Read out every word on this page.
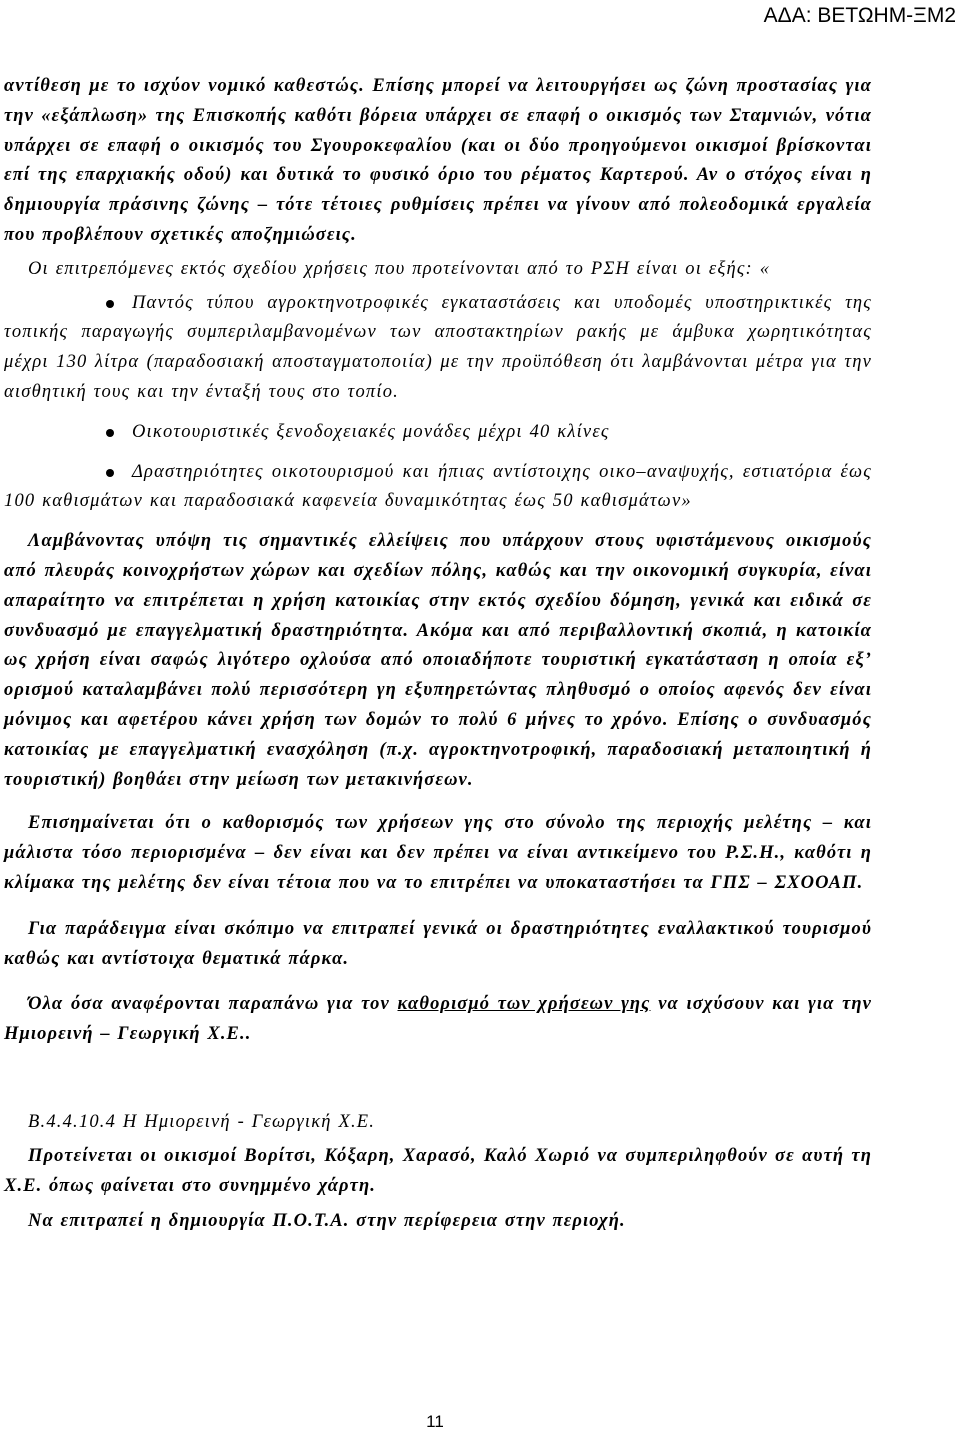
ΑΔΑ: ΒΕΤΩΗΜ-ΞΜ2

αντίθεση με το ισχύον νομικό καθεστώς. Επίσης μπορεί να λειτουργήσει ως ζώνη προστασίας για την «εξάπλωση» της Επισκοπής καθότι βόρεια υπάρχει σε επαφή ο οικισμός των Σταμνιών, νότια υπάρχει σε επαφή ο οικισμός του Σγουροκεφαλίου (και οι δύο προηγούμενοι οικισμοί βρίσκονται επί της επαρχιακής οδού) και δυτικά το φυσικό όριο του ρέματος Καρτερού. Αν ο στόχος είναι η δημιουργία πράσινης ζώνης – τότε τέτοιες ρυθμίσεις πρέπει να γίνουν από πολεοδομικά εργαλεία που προβλέπουν σχετικές αποζημιώσεις.

Οι επιτρεπόμενες εκτός σχεδίου χρήσεις που προτείνονται από το ΡΣΗ είναι οι εξής: «

Παντός τύπου αγροκτηνοτροφικές εγκαταστάσεις και υποδομές υποστηρικτικές της τοπικής παραγωγής συμπεριλαμβανομένων των αποστακτηρίων ρακής με άμβυκα χωρητικότητας μέχρι 130 λίτρα (παραδοσιακή αποσταγματοποιία) με την προϋπόθεση ότι λαμβάνονται μέτρα για την αισθητική τους και την ένταξή τους στο τοπίο.
Οικοτουριστικές ξενοδοχειακές μονάδες μέχρι 40 κλίνες
Δραστηριότητες οικοτουρισμού και ήπιας αντίστοιχης οικο–αναψυχής, εστιατόρια έως 100 καθισμάτων και παραδοσιακά καφενεία δυναμικότητας έως 50 καθισμάτων»

Λαμβάνοντας υπόψη τις σημαντικές ελλείψεις που υπάρχουν στους υφιστάμενους οικισμούς από πλευράς κοινοχρήστων χώρων και σχεδίων πόλης, καθώς και την οικονομική συγκυρία, είναι απαραίτητο να επιτρέπεται η χρήση κατοικίας στην εκτός σχεδίου δόμηση, γενικά και ειδικά σε συνδυασμό με επαγγελματική δραστηριότητα. Ακόμα και από περιβαλλοντική σκοπιά, η κατοικία ως χρήση είναι σαφώς λιγότερο οχλούσα από οποιαδήποτε τουριστική εγκατάσταση η οποία εξ’ ορισμού καταλαμβάνει πολύ περισσότερη γη εξυπηρετώντας πληθυσμό ο οποίος αφενός δεν είναι μόνιμος και αφετέρου κάνει χρήση των δομών το πολύ 6 μήνες το χρόνο. Επίσης ο συνδυασμός κατοικίας με επαγγελματική ενασχόληση (π.χ. αγροκτηνοτροφική, παραδοσιακή μεταποιητική ή τουριστική) βοηθάει στην μείωση των μετακινήσεων.

Επισημαίνεται ότι ο καθορισμός των χρήσεων γης στο σύνολο της περιοχής μελέτης – και μάλιστα τόσο περιορισμένα – δεν είναι και δεν πρέπει να είναι αντικείμενο του Ρ.Σ.Η., καθότι η κλίμακα της μελέτης δεν είναι τέτοια που να το επιτρέπει να υποκαταστήσει τα ΓΠΣ – ΣΧΟΟΑΠ.

Για παράδειγμα είναι σκόπιμο να επιτραπεί γενικά οι δραστηριότητες εναλλακτικού τουρισμού καθώς και αντίστοιχα θεματικά πάρκα.

Όλα όσα αναφέρονται παραπάνω για τον καθορισμό των χρήσεων γης να ισχύσουν και για την Ημιορεινή – Γεωργική Χ.Ε..

Β.4.4.10.4 Η Ημιορεινή - Γεωργική Χ.Ε.

Προτείνεται οι οικισμοί Βορίτσι, Κόξαρη, Χαρασό, Καλό Χωριό να συμπεριληφθούν σε αυτή τη Χ.Ε. όπως φαίνεται στο συνημμένο χάρτη.

Να επιτραπεί η δημιουργία Π.Ο.Τ.Α. στην περίφερεια στην περιοχή.

11
